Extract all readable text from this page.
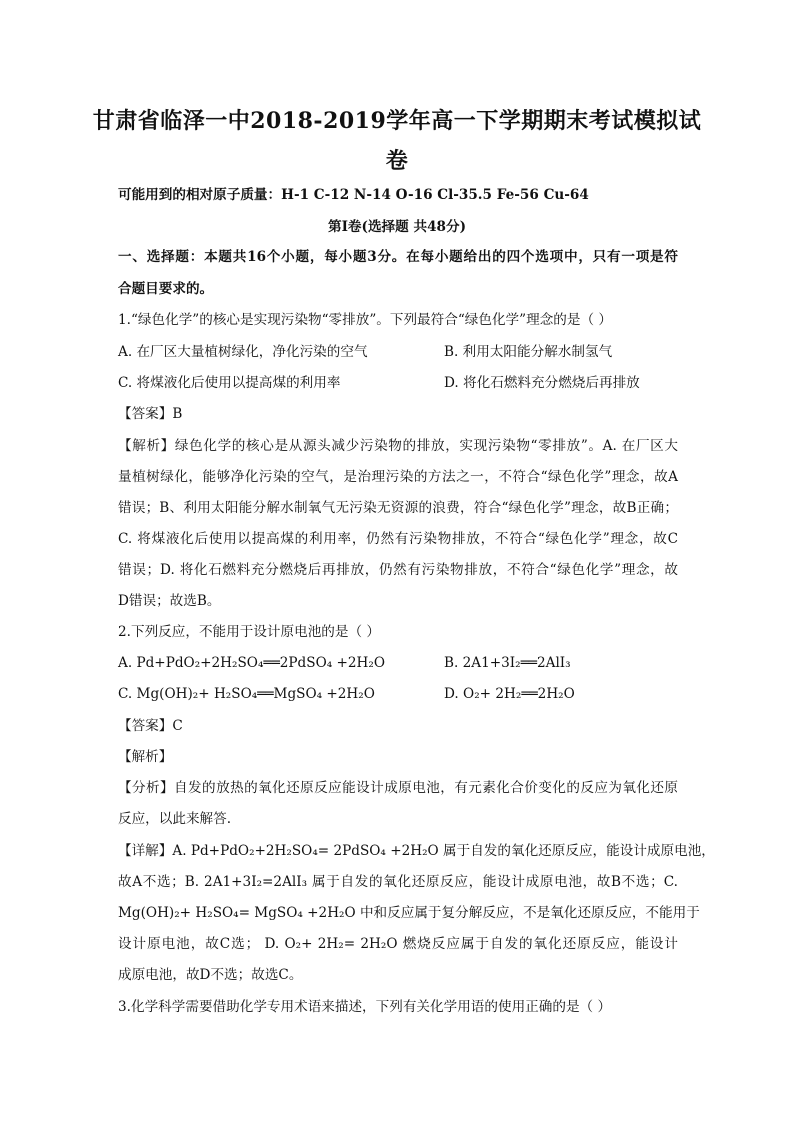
甘肃省临泽一中2018-2019学年高一下学期期末考试模拟试
卷
可能用到的相对原子质量：H-1 C-12 N-14 O-16 Cl-35.5 Fe-56 Cu-64
第Ⅰ卷(选择题 共48分)
一、选择题：本题共16个小题，每小题3分。在每小题给出的四个选项中，只有一项是符
合题目要求的。
1.“绿色化学”的核心是实现污染物“零排放”。下列最符合“绿色化学”理念的是（ ）
A. 在厂区大量植树绿化，净化污染的空气	B. 利用太阳能分解水制氢气
C. 将煤液化后使用以提高煤的利用率	D. 将化石燃料充分燃烧后再排放
【答案】B
【解析】绿色化学的核心是从源头减少污染物的排放，实现污染物“零排放”。A. 在厂区大
量植树绿化，能够净化污染的空气，是治理污染的方法之一，不符合“绿色化学”理念，故A
错误；B、利用太阳能分解水制氧气无污染无资源的浪费，符合“绿色化学”理念，故B正确；
C. 将煤液化后使用以提高煤的利用率，仍然有污染物排放，不符合“绿色化学”理念，故C
错误；D. 将化石燃料充分燃烧后再排放，仍然有污染物排放，不符合“绿色化学”理念，故
D错误；故选B。
2.下列反应，不能用于设计原电池的是（ ）
A. Pd+PdO₂+2H₂SO₄══2PdSO₄ +2H₂O	B. 2A1+3I₂══2AlI₃
C. Mg(OH)₂+ H₂SO₄══MgSO₄ +2H₂O	D. O₂+ 2H₂══2H₂O
【答案】C
【解析】
【分析】自发的放热的氧化还原反应能设计成原电池，有元素化合价变化的反应为氧化还原
反应，以此来解答.
【详解】A. Pd+PdO₂+2H₂SO₄= 2PdSO₄ +2H₂O 属于自发的氧化还原反应，能设计成原电池，
故A不选；B. 2A1+3I₂=2AlI₃ 属于自发的氧化还原反应，能设计成原电池，故B不选；C.
Mg(OH)₂+ H₂SO₄= MgSO₄ +2H₂O 中和反应属于复分解反应，不是氧化还原反应，不能用于
设计原电池，故C选； D. O₂+ 2H₂= 2H₂O 燃烧反应属于自发的氧化还原反应，能设计
成原电池，故D不选；故选C。
3.化学科学需要借助化学专用术语来描述，下列有关化学用语的使用正确的是（ ）
